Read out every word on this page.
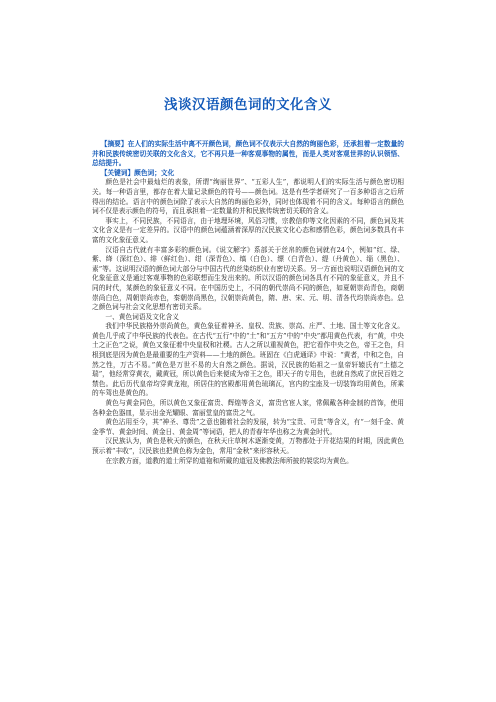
浅谈汉语颜色词的文化含义

【摘要】在人们的实际生活中离不开颜色词，颜色词不仅表示大自然的绚丽色彩，还承担着一定数量的并和民族传统密切关联的文化含义，它不再只是一种客观事物的属性，而是人类对客观世界的认识领悟、总结提升。

【关键词】颜色词；文化

颜色是社会中最灿烂的表象，所谓“绚丽世界”、“五彩人生”，都说明人们的实际生活与颜色密切相关。每一种语言里，都存在着大量记录颜色的符号——颜色词。这是有些学者研究了一百多种语言之后所得出的结论。语言中的颜色词除了表示大自然的绚丽色彩外，同时也体现着不同的含义。每种语言的颜色词不仅是表示颜色的符号，而且承担着一定数量的并和民族传统密切关联的含义。

事实上，不同民族，不同语言，由于地理环境，风俗习惯，宗教信仰等文化因素的不同，颜色词及其文化含义是有一定差异的。汉语中的颜色词蕴涵着深厚的汉民族文化心态和感情色彩，颜色词多数具有丰富的文化象征意义。

汉语自古代就有丰富多彩的颜色词。《说文解字》系部关于丝帛的颜色词就有24个，例如“红、绿、紫、绛（深红色）、绯（鲜红色）、绀（深青色）、缟（白色）、缥（白青色）、缇（丹黄色）、缁（黑色）、素”等。这说明汉语的颜色词大部分与中国古代的丝染纺织业有密切关系。另一方面也说明汉语颜色词的文化象征意义是通过客观事物的色彩联想而生发出来的。所以汉语的颜色词各具有不同的象征意义，并且不同的时代，某颜色的象征意义不同。在中国历史上，不同的朝代崇尚不同的颜色，如夏朝崇尚青色，商朝崇尚白色，周朝崇尚赤色，秦朝崇尚黑色，汉朝崇尚黄色，隋、唐、宋、元、明、清各代均崇尚赤色。总之颜色词与社会文化思想有密切关系。

一、黄色词语及文化含义

我们中华民族格外崇尚黄色，黄色象征着神圣、皇权、贵族、崇高、庄严、土地、国土等文化含义。黄色几乎成了中华民族的代表色。在古代“五行”中的“土”和“五方”中的“中央”都用黄色代表，有“黄，中央土之正色”之说，黄色又象征着中央皇权和社稷。古人之所以重视黄色，把它看作中央之色，帝王之色，归根到底是因为黄色是最重要的生产资料——土地的颜色。班固在《白虎通译》中说：“黄者，中和之色，自然之性，万古不易。”黄色是万世不易的大自然之颜色。据说，汉民族的始祖之一皇帝轩辕氏有“土德之瑞”，他经常穿黄衣，戴黄冠，所以黄色后来便成为帝王之色，即天子的专用色，也就自然成了庶民百姓之禁色。此后历代皇帝均穿黄龙袍，所居住的宫殿都用黄色琉璃瓦，宫内的宝座及一切装饰均用黄色，所乘的车驾也是黄色的。

黄色与黄金同色，所以黄色又象征富贵、辉煌等含义，富贵官宦人家，常佩戴各种金制的首饰，使用各种金色器皿，显示出金光耀眼、富丽堂皇的富贵之气。

黄色沾用至今，其“神圣、尊贵”之意也随着社会的发展，转为“宝贵、可贵”等含义，有“一刻千金、黄金季节、黄金时间、黄金日、黄金周”等词语，把人的青春年华也称之为黄金时代。

汉民族认为，黄色是秋天的颜色，在秋天庄草树木逐渐变黄，万物都处于开花结果的时期，因此黄色预示着“丰收”，汉民族也把黄色称为金色，常用“金秋”来形容秋天。

在宗教方面，道教的道士所穿的道袍和所戴的道冠及佛教法师所披的袈裟均为黄色。
